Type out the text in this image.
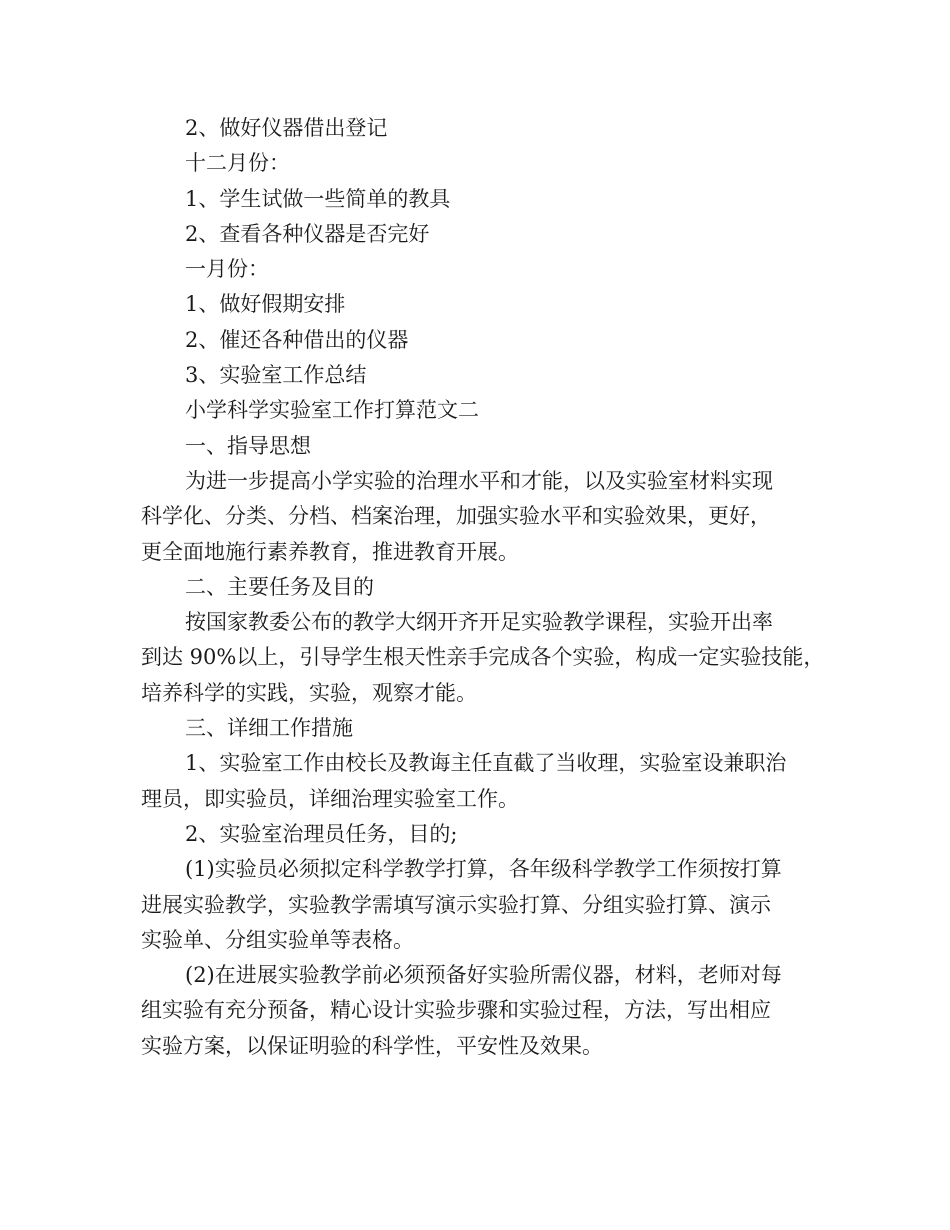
2、做好仪器借出登记
十二月份：
1、学生试做一些简单的教具
2、查看各种仪器是否完好
一月份：
1、做好假期安排
2、催还各种借出的仪器
3、实验室工作总结
小学科学实验室工作打算范文二
一、指导思想
为进一步提高小学实验的治理水平和才能，以及实验室材料实现
科学化、分类、分档、档案治理，加强实验水平和实验效果，更好，
更全面地施行素养教育，推进教育开展。
二、主要任务及目的
按国家教委公布的教学大纲开齐开足实验教学课程，实验开出率
到达 90%以上，引导学生根天性亲手完成各个实验，构成一定实验技能，
培养科学的实践，实验，观察才能。
三、详细工作措施
1、实验室工作由校长及教诲主任直截了当收理，实验室设兼职治
理员，即实验员，详细治理实验室工作。
2、实验室治理员任务，目的;
(1)实验员必须拟定科学教学打算，各年级科学教学工作须按打算
进展实验教学，实验教学需填写演示实验打算、分组实验打算、演示
实验单、分组实验单等表格。
(2)在进展实验教学前必须预备好实验所需仪器，材料，老师对每
组实验有充分预备，精心设计实验步骤和实验过程，方法，写出相应
实验方案，以保证明验的科学性，平安性及效果。
